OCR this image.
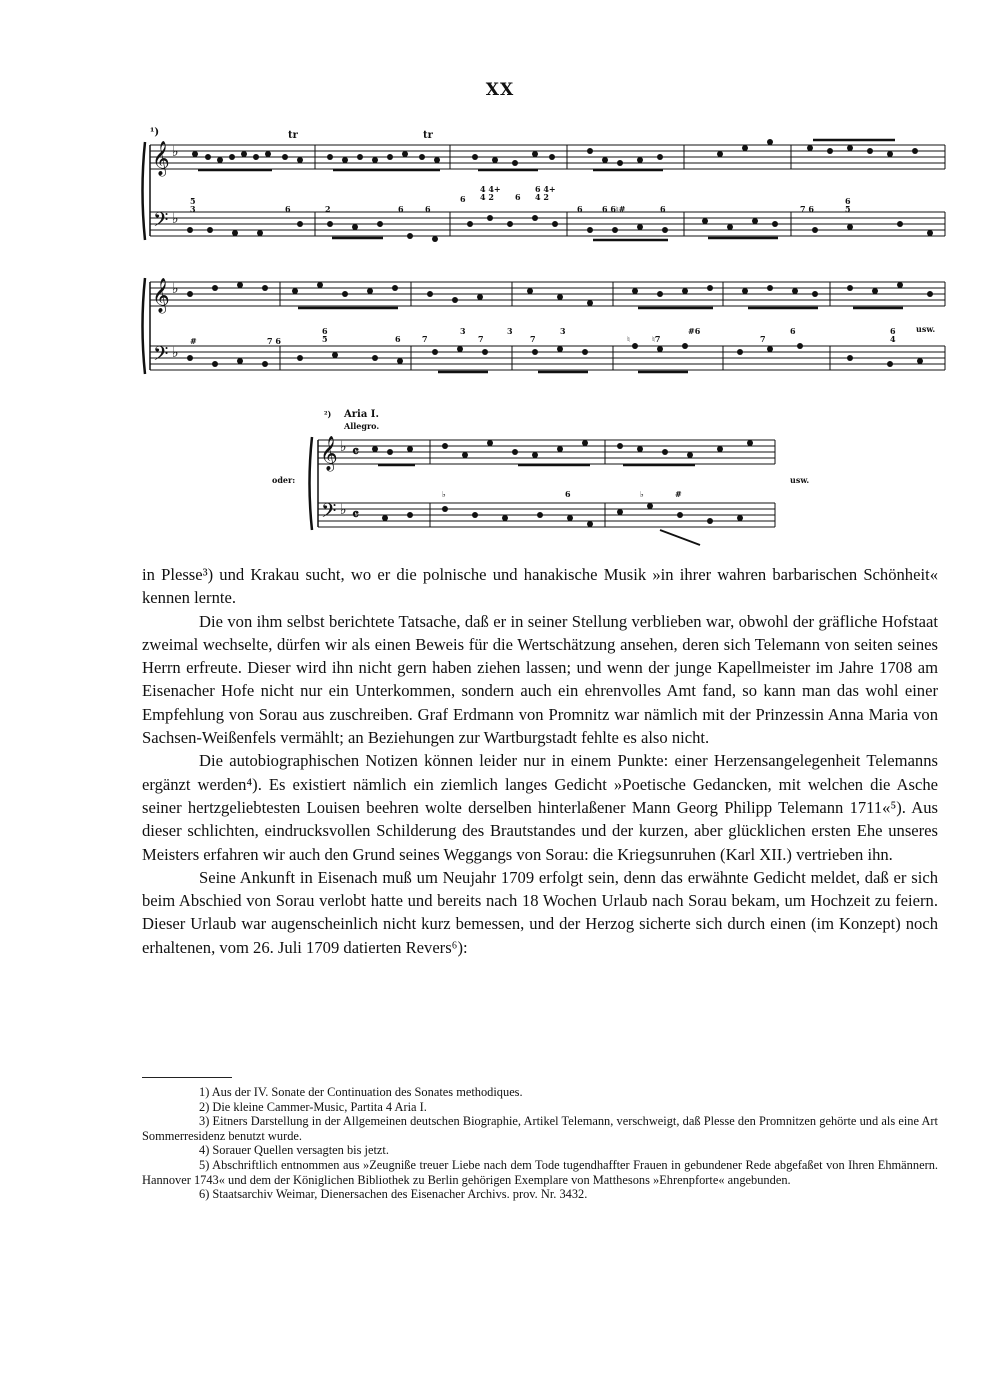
XX
𝄞
𝄢
𝄞
𝄢
♭
♭
♭
♭
¹)	tr	tr
5
3	6	2	6	6
6
4 4+
4 2	6
6 4+
4 2
6 6 6♮#	6	7 6
6
5
#	7 6
6
5	6	7
3
7
3
7
3
♮	♮7
#6
7
6	6
4
usw.
𝄞
𝄢
♭
♭
𝄴
𝄴
²) Aria I.
Allegro.
oder:
♭	6	♭	#
usw.

in Plesse³) und Krakau sucht, wo er die polnische und hanakische Musik »in ihrer wahren barbarischen Schönheit« kennen lernte.

Die von ihm selbst berichtete Tatsache, daß er in seiner Stellung verblieben war, obwohl der gräfliche Hofstaat zweimal wechselte, dürfen wir als einen Beweis für die Wertschätzung ansehen, deren sich Telemann von seiten seines Herrn erfreute. Dieser wird ihn nicht gern haben ziehen lassen; und wenn der junge Kapellmeister im Jahre 1708 am Eisenacher Hofe nicht nur ein Unterkommen, sondern auch ein ehrenvolles Amt fand, so kann man das wohl einer Empfehlung von Sorau aus zuschreiben. Graf Erdmann von Promnitz war nämlich mit der Prinzessin Anna Maria von Sachsen-Weißenfels vermählt; an Beziehungen zur Wartburgstadt fehlte es also nicht.

Die autobiographischen Notizen können leider nur in einem Punkte: einer Herzensangelegenheit Telemanns ergänzt werden⁴). Es existiert nämlich ein ziemlich langes Gedicht »Poetische Gedancken, mit welchen die Asche seiner hertzgeliebtesten Louisen beehren wolte derselben hinterlaßener Mann Georg Philipp Telemann 1711«⁵). Aus dieser schlichten, eindrucksvollen Schilderung des Brautstandes und der kurzen, aber glücklichen ersten Ehe unseres Meisters erfahren wir auch den Grund seines Weggangs von Sorau: die Kriegsunruhen (Karl XII.) vertrieben ihn.

Seine Ankunft in Eisenach muß um Neujahr 1709 erfolgt sein, denn das erwähnte Gedicht meldet, daß er sich beim Abschied von Sorau verlobt hatte und bereits nach 18 Wochen Urlaub nach Sorau bekam, um Hochzeit zu feiern. Dieser Urlaub war augenscheinlich nicht kurz bemessen, und der Herzog sicherte sich durch einen (im Konzept) noch erhaltenen, vom 26. Juli 1709 datierten Revers⁶):

1) Aus der IV. Sonate der Continuation des Sonates methodiques.

2) Die kleine Cammer-Music, Partita 4 Aria I.

3) Eitners Darstellung in der Allgemeinen deutschen Biographie, Artikel Telemann, verschweigt, daß Plesse den Promnitzen gehörte und als eine Art Sommerresidenz benutzt wurde.

4) Sorauer Quellen versagten bis jetzt.

5) Abschriftlich entnommen aus »Zeugniße treuer Liebe nach dem Tode tugendhaffter Frauen in gebundener Rede abgefaßet von Ihren Ehmännern. Hannover 1743« und dem der Königlichen Bibliothek zu Berlin gehörigen Exemplare von Matthesons »Ehrenpforte« angebunden.

6) Staatsarchiv Weimar, Dienersachen des Eisenacher Archivs. prov. Nr. 3432.
